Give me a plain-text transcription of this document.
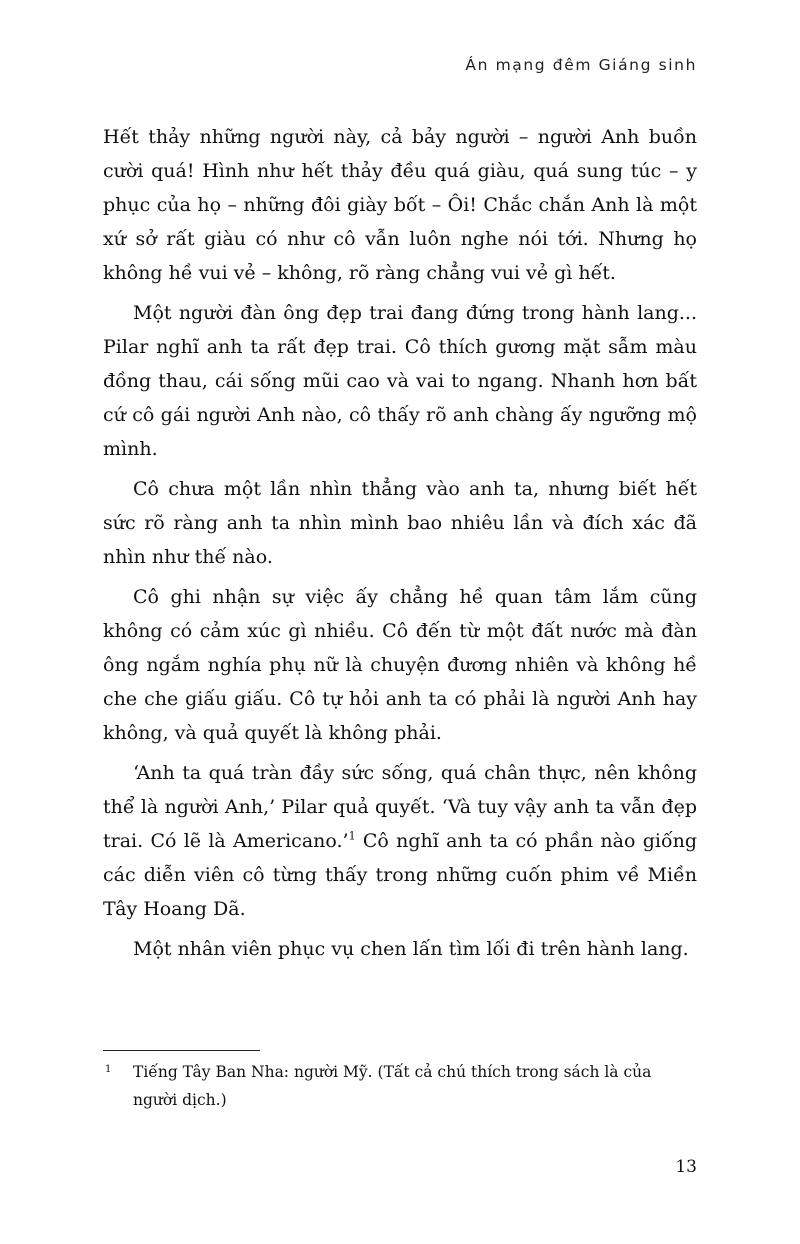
Án mạng đêm Giáng sinh

Hết thảy những người này, cả bảy người – người Anh buồn cười quá! Hình như hết thảy đều quá giàu, quá sung túc – y phục của họ – những đôi giày bốt – Ôi! Chắc chắn Anh là một xứ sở rất giàu có như cô vẫn luôn nghe nói tới. Nhưng họ không hề vui vẻ – không, rõ ràng chẳng vui vẻ gì hết.

Một người đàn ông đẹp trai đang đứng trong hành lang... Pilar nghĩ anh ta rất đẹp trai. Cô thích gương mặt sẫm màu đồng thau, cái sống mũi cao và vai to ngang. Nhanh hơn bất cứ cô gái người Anh nào, cô thấy rõ anh chàng ấy ngưỡng mộ mình.

Cô chưa một lần nhìn thẳng vào anh ta, nhưng biết hết sức rõ ràng anh ta nhìn mình bao nhiêu lần và đích xác đã nhìn như thế nào.

Cô ghi nhận sự việc ấy chẳng hề quan tâm lắm cũng không có cảm xúc gì nhiều. Cô đến từ một đất nước mà đàn ông ngắm nghía phụ nữ là chuyện đương nhiên và không hề che che giấu giấu. Cô tự hỏi anh ta có phải là người Anh hay không, và quả quyết là không phải.

‘Anh ta quá tràn đầy sức sống, quá chân thực, nên không thể là người Anh,’ Pilar quả quyết. ‘Và tuy vậy anh ta vẫn đẹp trai. Có lẽ là Americano.’$^1$ Cô nghĩ anh ta có phần nào giống các diễn viên cô từng thấy trong những cuốn phim về Miền Tây Hoang Dã.

Một nhân viên phục vụ chen lấn tìm lối đi trên hành lang.

1 Tiếng Tây Ban Nha: người Mỹ. (Tất cả chú thích trong sách là của người dịch.)
13
